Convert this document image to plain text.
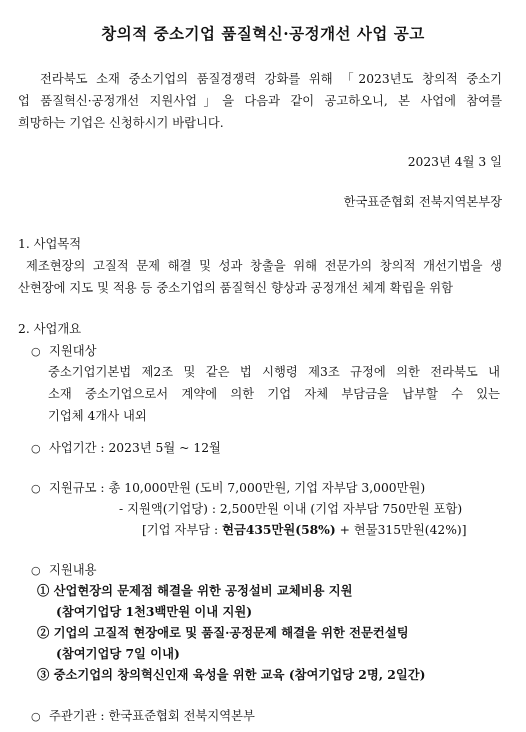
창의적 중소기업 품질혁신·공정개선 사업 공고
전라북도 소재 중소기업의 품질경쟁력 강화를 위해 「2023년도 창의적 중소기
업 품질혁신·공정개선 지원사업」을 다음과 같이 공고하오니, 본 사업에 참여를
희망하는 기업은 신청하시기 바랍니다.
2023년 4월 3 일
한국표준협회 전북지역본부장
1. 사업목적
제조현장의 고질적 문제 해결 및 성과 창출을 위해 전문가의 창의적 개선기법을 생
산현장에 지도 및 적용 등 중소기업의 품질혁신 향상과 공정개선 체계 확립을 위함
2. 사업개요
○ 지원대상
중소기업기본법 제2조 및 같은 법 시행령 제3조 규정에 의한 전라북도 내
소재 중소기업으로서 계약에 의한 기업 자체 부담금을 납부할 수 있는
기업체 4개사 내외
○ 사업기간 : 2023년 5월 ~ 12월
○ 지원규모 : 총 10,000만원 (도비 7,000만원, 기업 자부담 3,000만원)
- 지원액(기업당) : 2,500만원 이내 (기업 자부담 750만원 포함)
[기업 자부담 : 현금435만원(58%) + 현물315만원(42%)]
○ 지원내용
① 산업현장의 문제점 해결을 위한 공정설비 교체비용 지원
(참여기업당 1천3백만원 이내 지원)
② 기업의 고질적 현장애로 및 품질·공정문제 해결을 위한 전문컨설팅
(참여기업당 7일 이내)
③ 중소기업의 창의혁신인재 육성을 위한 교육 (참여기업당 2명, 2일간)
○ 주관기관 : 한국표준협회 전북지역본부
